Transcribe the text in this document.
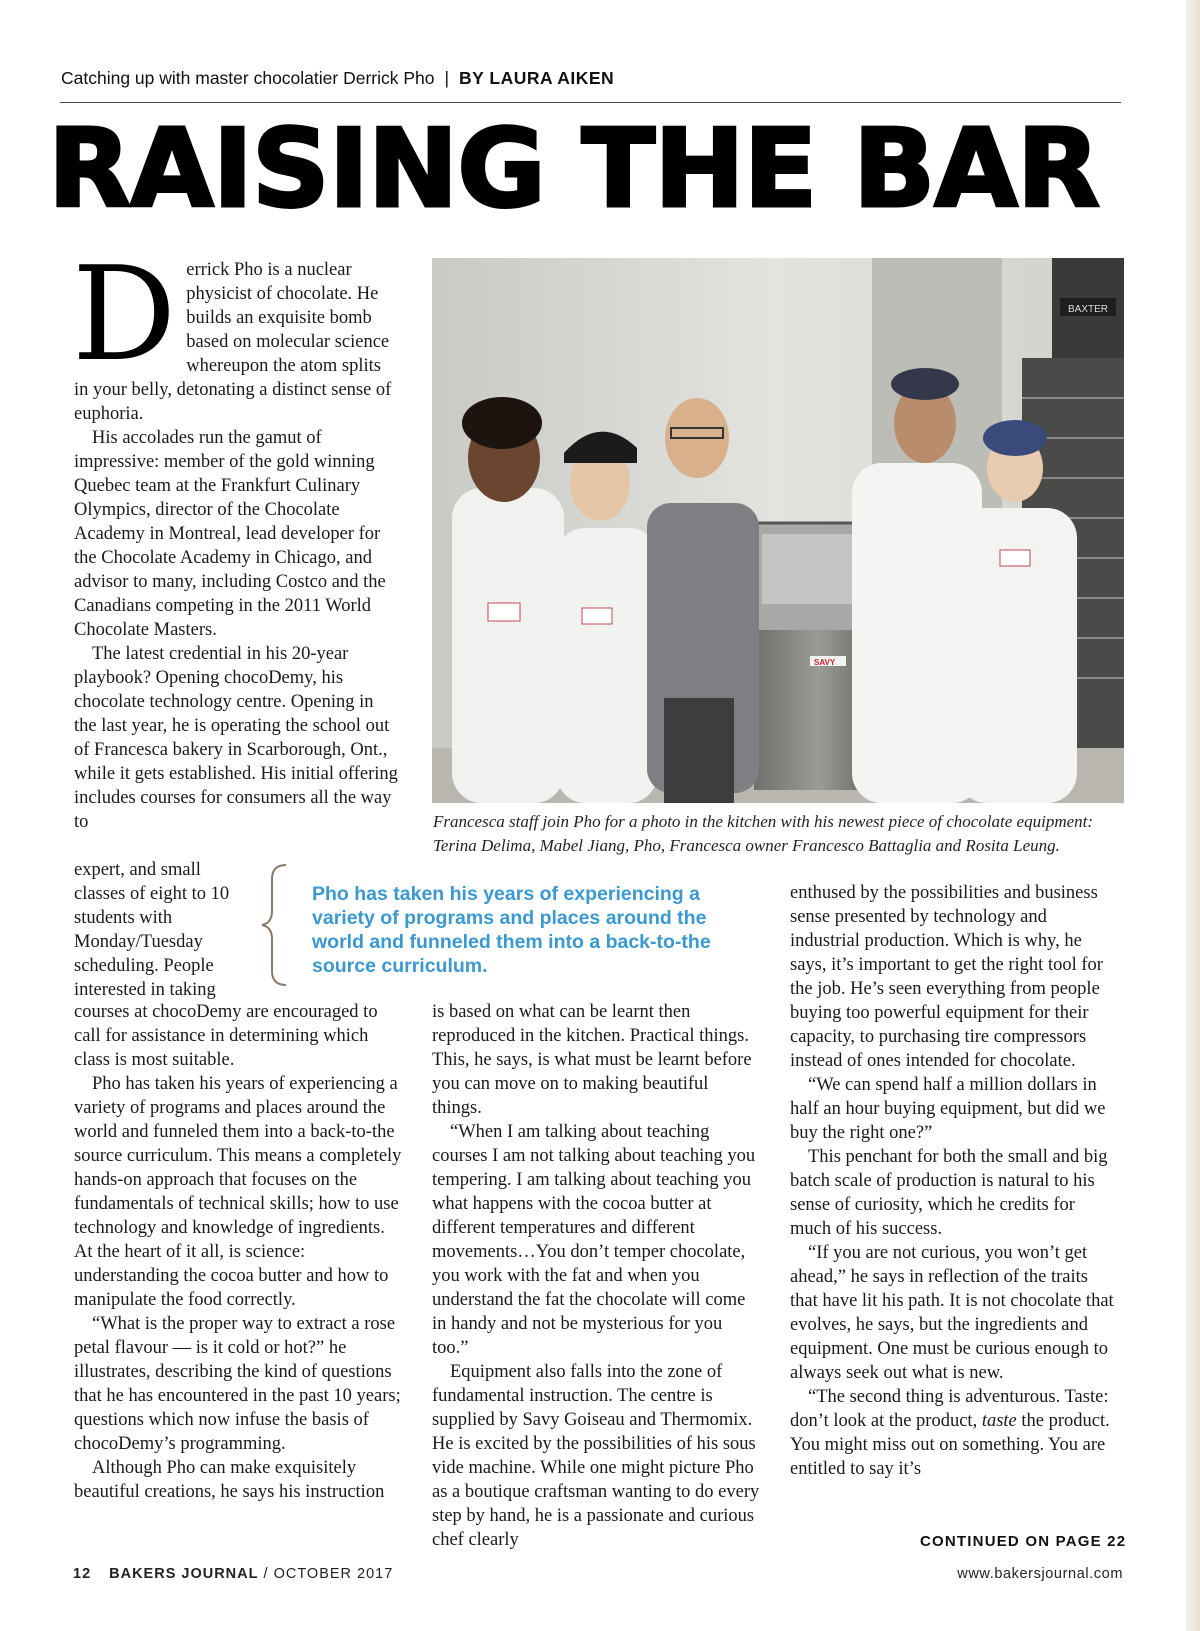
Catching up with master chocolatier Derrick Pho | BY LAURA AIKEN
RAISING THE BAR

Derrick Pho is a nuclear physicist of chocolate. He builds an exquisite bomb based on molecular science whereupon the atom splits in your belly, detonating a distinct sense of euphoria.

His accolades run the gamut of impressive: member of the gold winning Quebec team at the Frankfurt Culinary Olympics, director of the Chocolate Academy in Montreal, lead developer for the Chocolate Academy in Chicago, and advisor to many, including Costco and the Canadians competing in the 2011 World Chocolate Masters.

The latest credential in his 20-year playbook? Opening chocoDemy, his chocolate technology centre. Opening in the last year, he is operating the school out of Francesca bakery in Scarborough, Ont., while it gets established. His initial offering includes courses for consumers all the way to

expert, and small classes of eight to 10 students with Monday/Tuesday scheduling. People interested in taking

courses at chocoDemy are encouraged to call for assistance in determining which class is most suitable.

Pho has taken his years of experiencing a variety of programs and places around the world and funneled them into a back-to-the source curriculum. This means a completely hands-on approach that focuses on the fundamentals of technical skills; how to use technology and knowledge of ingredients. At the heart of it all, is science: understanding the cocoa butter and how to manipulate the food correctly.

“What is the proper way to extract a rose petal flavour — is it cold or hot?” he illustrates, describing the kind of questions that he has encountered in the past 10 years; questions which now infuse the basis of chocoDemy’s programming.

Although Pho can make exquisitely beautiful creations, he says his instruction

BAXTER
SAVY
Francesca staff join Pho for a photo in the kitchen with his newest piece of chocolate equipment:
Terina Delima, Mabel Jiang, Pho, Francesca owner Francesco Battaglia and Rosita Leung.
Pho has taken his years of experiencing a variety of programs and places around the world and funneled them into a back-to-the source curriculum.

is based on what can be learnt then reproduced in the kitchen. Practical things. This, he says, is what must be learnt before you can move on to making beautiful things.

“When I am talking about teaching courses I am not talking about teaching you tempering. I am talking about teaching you what happens with the cocoa butter at different temperatures and different movements…You don’t temper chocolate, you work with the fat and when you understand the fat the chocolate will come in handy and not be mysterious for you too.”

Equipment also falls into the zone of fundamental instruction. The centre is supplied by Savy Goiseau and Thermomix. He is excited by the possibilities of his sous vide machine. While one might picture Pho as a boutique craftsman wanting to do every step by hand, he is a passionate and curious chef clearly

enthused by the possibilities and business sense presented by technology and industrial production. Which is why, he says, it’s important to get the right tool for the job. He’s seen everything from people buying too powerful equipment for their capacity, to purchasing tire compressors instead of ones intended for chocolate.

“We can spend half a million dollars in half an hour buying equipment, but did we buy the right one?”

This penchant for both the small and big batch scale of production is natural to his sense of curiosity, which he credits for much of his success.

“If you are not curious, you won’t get ahead,” he says in reflection of the traits that have lit his path. It is not chocolate that evolves, he says, but the ingredients and equipment. One must be curious enough to always seek out what is new.

“The second thing is adventurous. Taste: don’t look at the product, taste the product. You might miss out on something. You are entitled to say it’s

CONTINUED ON PAGE 22
12 BAKERS JOURNAL / OCTOBER 2017	www.bakersjournal.com
